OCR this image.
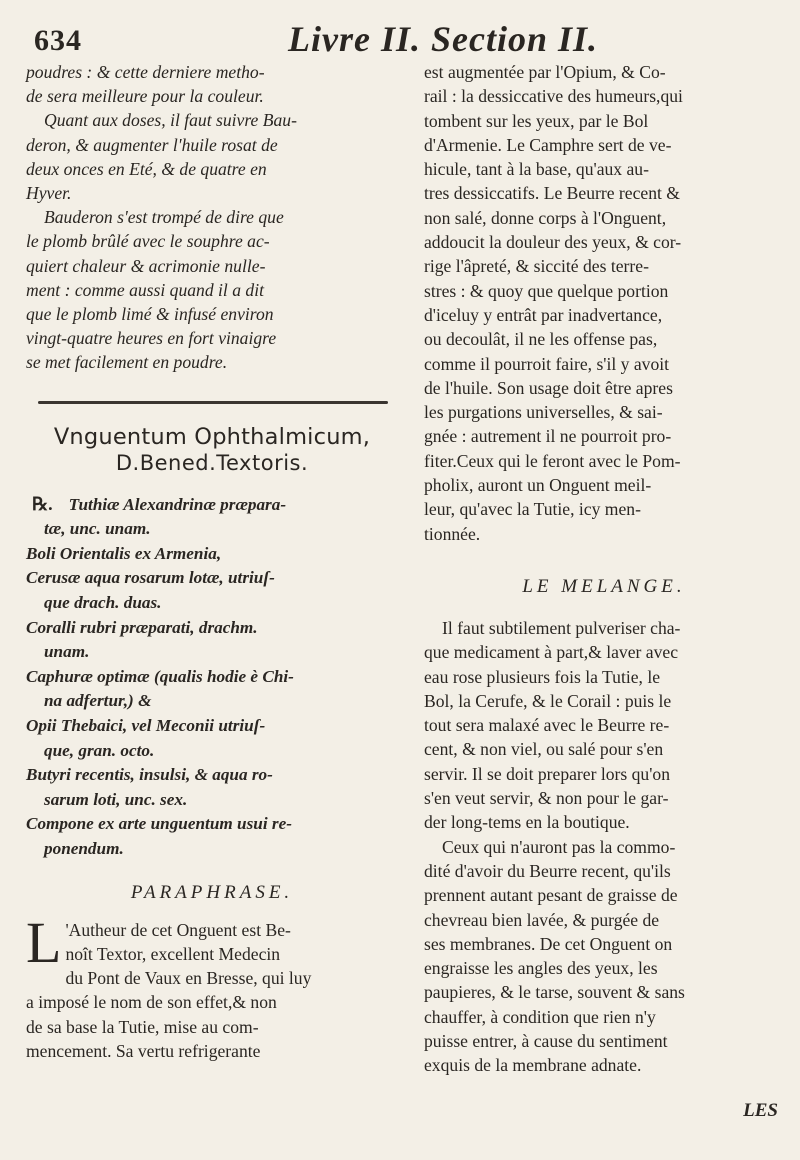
634	Livre II. Section II.

poudres : & cette derniere metho-

de sera meilleure pour la couleur.

Quant aux doses, il faut suivre Bau-

deron, & augmenter l'huile rosat de

deux onces en Eté, & de quatre en

Hyver.

Bauderon s'est trompé de dire que

le plomb brûlé avec le souphre ac-

quiert chaleur & acrimonie nulle-

ment : comme aussi quand il a dit

que le plomb limé & infusé environ

vingt-quatre heures en fort vinaigre

se met facilement en poudre.

Vnguentum Ophthalmicum,

D.Bened.Textoris.

℞. Tuthiæ Alexandrinæ præpara-

tæ, unc. unam.

Boli Orientalis ex Armenia,

Cerusæ aqua rosarum lotæ, utriuſ-

que drach. duas.

Coralli rubri præparati, drachm.

unam.

Caphuræ optimæ (qualis hodie è Chi-

na adfertur,) &

Opii Thebaici, vel Meconii utriuſ-

que, gran. octo.

Butyri recentis, insulsi, & aqua ro-

sarum loti, unc. sex.

Compone ex arte unguentum usui re-

ponendum.

PARAPHRASE.

L 'Autheur de cet Onguent est Be-

noît Textor, excellent Medecin

du Pont de Vaux en Bresse, qui luy

a imposé le nom de son effet,& non

de sa base la Tutie, mise au com-

mencement. Sa vertu refrigerante

est augmentée par l'Opium, & Co-

rail : la dessiccative des humeurs,qui

tombent sur les yeux, par le Bol

d'Armenie. Le Camphre sert de ve-

hicule, tant à la base, qu'aux au-

tres dessiccatifs. Le Beurre recent &

non salé, donne corps à l'Onguent,

addoucit la douleur des yeux, & cor-

rige l'âpreté, & siccité des terre-

stres : & quoy que quelque portion

d'iceluy y entrât par inadvertance,

ou decoulât, il ne les offense pas,

comme il pourroit faire, s'il y avoit

de l'huile. Son usage doit être apres

les purgations universelles, & sai-

gnée : autrement il ne pourroit pro-

fiter.Ceux qui le feront avec le Pom-

pholix, auront un Onguent meil-

leur, qu'avec la Tutie, icy men-

tionnée.

LE MELANGE.

Il faut subtilement pulveriser cha-

que medicament à part,& laver avec

eau rose plusieurs fois la Tutie, le

Bol, la Cerufe, & le Corail : puis le

tout sera malaxé avec le Beurre re-

cent, & non viel, ou salé pour s'en

servir. Il se doit preparer lors qu'on

s'en veut servir, & non pour le gar-

der long-tems en la boutique.

Ceux qui n'auront pas la commo-

dité d'avoir du Beurre recent, qu'ils

prennent autant pesant de graisse de

chevreau bien lavée, & purgée de

ses membranes. De cet Onguent on

engraisse les angles des yeux, les

paupieres, & le tarse, souvent & sans

chauffer, à condition que rien n'y

puisse entrer, à cause du sentiment

exquis de la membrane adnate.

LES
